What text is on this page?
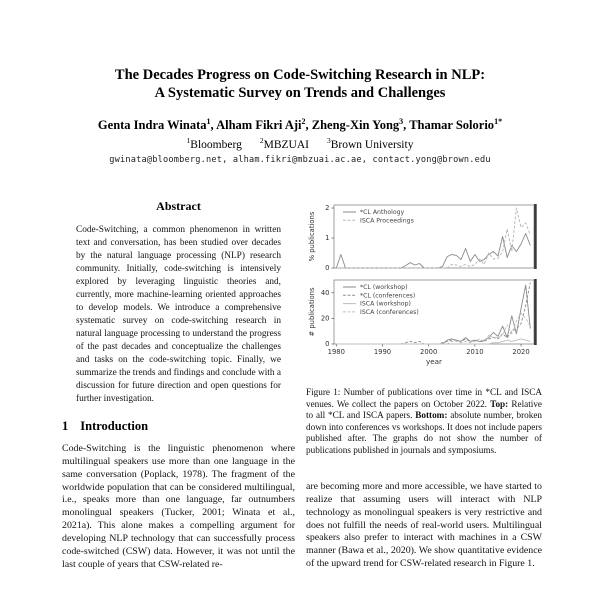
The Decades Progress on Code-Switching Research in NLP:
A Systematic Survey on Trends and Challenges
Genta Indra Winata$^1$, Alham Fikri Aji$^2$, Zheng-Xin Yong$^3$, Thamar Solorio$^{1*}$
$^1$Bloomberg $^2$MBZUAI $^3$Brown University
gwinata@bloomberg.net, alham.fikri@mbzuai.ac.ae, contact.yong@brown.edu
Abstract
Code-Switching, a common phenomenon in written text and conversation, has been studied over decades by the natural language processing (NLP) research community. Initially, code-switching is intensively explored by leveraging linguistic theories and, currently, more machine-learning oriented approaches to develop models. We introduce a comprehensive systematic survey on code-switching research in natural language processing to understand the progress of the past decades and conceptualize the challenges and tasks on the code-switching topic. Finally, we summarize the trends and findings and conclude with a discussion for future direction and open questions for further investigation.
1 Introduction
Code-Switching is the linguistic phenomenon where multilingual speakers use more than one language in the same conversation (Poplack, 1978). The fragment of the worldwide population that can be considered multilingual, i.e., speaks more than one language, far outnumbers monolingual speakers (Tucker, 2001; Winata et al., 2021a). This alone makes a compelling argument for developing NLP technology that can successfully process code-switched (CSW) data. However, it was not until the last couple of years that CSW-related re-
0
1
2
% publications	*CL Anthology
ISCA Proceedings
0
20
40
1980	1990	2000	2010	2020
year
# publications	*CL (workshop)
*CL (conferences)
ISCA (workshop)
ISCA (conferences)
Figure 1: Number of publications over time in *CL and ISCA venues. We collect the papers on October 2022. Top: Relative to all *CL and ISCA papers. Bottom: absolute number, broken down into conferences vs workshops. It does not include papers published after. The graphs do not show the number of publications published in journals and symposiums.
are becoming more and more accessible, we have started to realize that assuming users will interact with NLP technology as monolingual speakers is very restrictive and does not fulfill the needs of real-world users. Multilingual speakers also prefer to interact with machines in a CSW manner (Bawa et al., 2020). We show quantitative evidence of the upward trend for CSW-related research in Figure 1.
